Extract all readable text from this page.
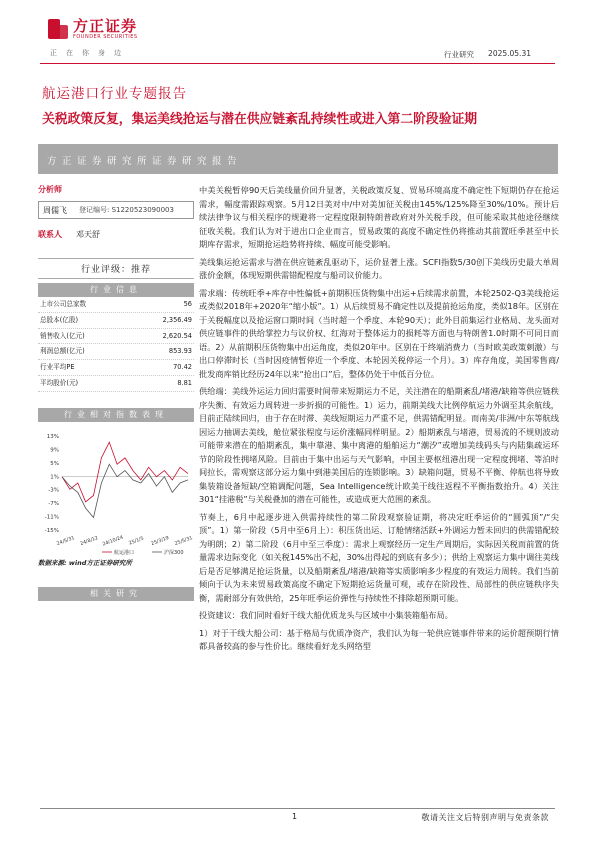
方正证券
FOUNDER SECURITIES
正在你身边	行业研究 2025.05.31
航运港口行业专题报告
关税政策反复，集运美线抢运与潜在供应链紊乱持续性或进入第二阶段验证期
方正证券研究所证券研究报告
分析师
周儒飞	登记编号: S1220523090003
联系人 邓天舒
行业评级：推荐
行业信息
上市公司总家数	56
总股本(亿股)	2,356.49
销售收入(亿元)	2,620.54
利润总额(亿元)	853.93
行业平均PE	70.42
平均股价(元)	8.81
行业相对指数表现
13%
9%
5%
1%
-3%
-7%
-11%
-15%
24/5/31 24/8/12 24/10/24 25/1/5 25/3/19 25/5/31
航运港口	沪深300
数据来源: wind方正证券研究所
相关研究

中美关税暂停90天后美线量价回升显著，关税政策反复、贸易环境高度不确定性下短期仍存在抢运需求，幅度需跟踪观察。5月12日美对中/中对美加征关税由145%/125%降至30%/10%。预计后续法律争议与相关程序的规避将一定程度限制特朗普政府对外关税手段，但可能采取其他途径继续征收关税。我们认为对于进出口企业而言，贸易政策的高度不确定性仍将推动其前置旺季甚至中长期库存需求，短期抢运趋势将持续、幅度可能受影响。

美线集运抢运需求与潜在供应链紊乱驱动下，运价显著上涨。SCFI指数5/30创下美线历史最大单周涨价金额，体现短期供需错配程度与船司议价能力。

需求端：传统旺季+库存中性偏低+前期积压货物集中出运+后续需求前置，本轮2502-Q3美线抢运或类似2018年+2020年“缩小版”。1）从后续贸易不确定性以及提前抢运角度，类似18年。区别在于关税幅度以及抢运窗口期时间（当时超一个季度、本轮90天）；此外目前集运行业格局、龙头面对供应链事件的供给掌控力与议价权、红海对于整体运力的损耗等方面也与特朗普1.0时期不可同日而语。2）从前期积压货物集中出运角度，类似20年中。区别在于终端消费力（当时欧美政策刺激）与出口停滞时长（当时因疫情暂停近一个季度、本轮因关税停运一个月）。3）库存角度，美国零售商/批发商库销比经历24年以来“抢出口”后，整体仍处于中低百分位。

供给端：美线外运运力回归需要时间带来短期运力不足，关注潜在的船期紊乱/堵港/缺箱等供应链秩序失衡、有效运力周转进一步折损的可能性。1）运力，前期美线大比例停航运力外调至其余航线，目前正陆续回归，由于存在时滞、美线短期运力严重不足，供需错配明显。而南美/非洲/中东等航线因运力抽调去美线，舱位紧张程度与运价涨幅同样明显。2）船期紊乱与堵港，贸易流的不规则波动可能带来潜在的船期紊乱，集中靠港、集中离港的船舶运力“潮汐”或增加美线码头与内陆集疏运环节的阶段性拥堵风险。目前由于集中出运与天气影响，中国主要枢纽港出现一定程度拥堵、等泊时间拉长，需观察这部分运力集中到港美国后的连锁影响。3）缺箱问题，贸易不平衡、停航也将导致集装箱设备短缺/空箱调配问题，Sea Intelligence统计欧美干线往返程不平衡指数抬升。4）关注301“挂港税”与关税叠加的潜在可能性，或造成更大范围的紊乱。

节奏上，6月中起逐步进入供需持续性的第二阶段观察验证期，将决定旺季运价的“圆弧顶”/“尖顶”。1）第一阶段（5月中至6月上）：积压货出运、订舱情绪活跃+外调运力暂未回归的供需错配较为明朗；2）第二阶段（6月中至三季度）：需求上观察经历一定生产周期后，实际因关税而前置的货量需求边际变化（如关税145%出不起，30%出得起的到底有多少）；供给上观察运力集中调往美线后是否足够满足抢运货量，以及船期紊乱/堵港/缺箱等实质影响多少程度的有效运力周转。我们当前倾向于认为未来贸易政策高度不确定下短期抢运货量可观，或存在阶段性、局部性的供应链秩序失衡，需耐部分有效供给，25年旺季运价弹性与持续性不排除超预期可能。

投资建议：我们同时看好干线大船优质龙头与区域中小集装箱船布局。

1）对于干线大船公司：基于格局与优质净资产，我们认为每一轮供应链事件带来的运价超预期行情都具备较高的参与性价比。继续看好龙头网络型

1	敬请关注文后特别声明与免责条款
